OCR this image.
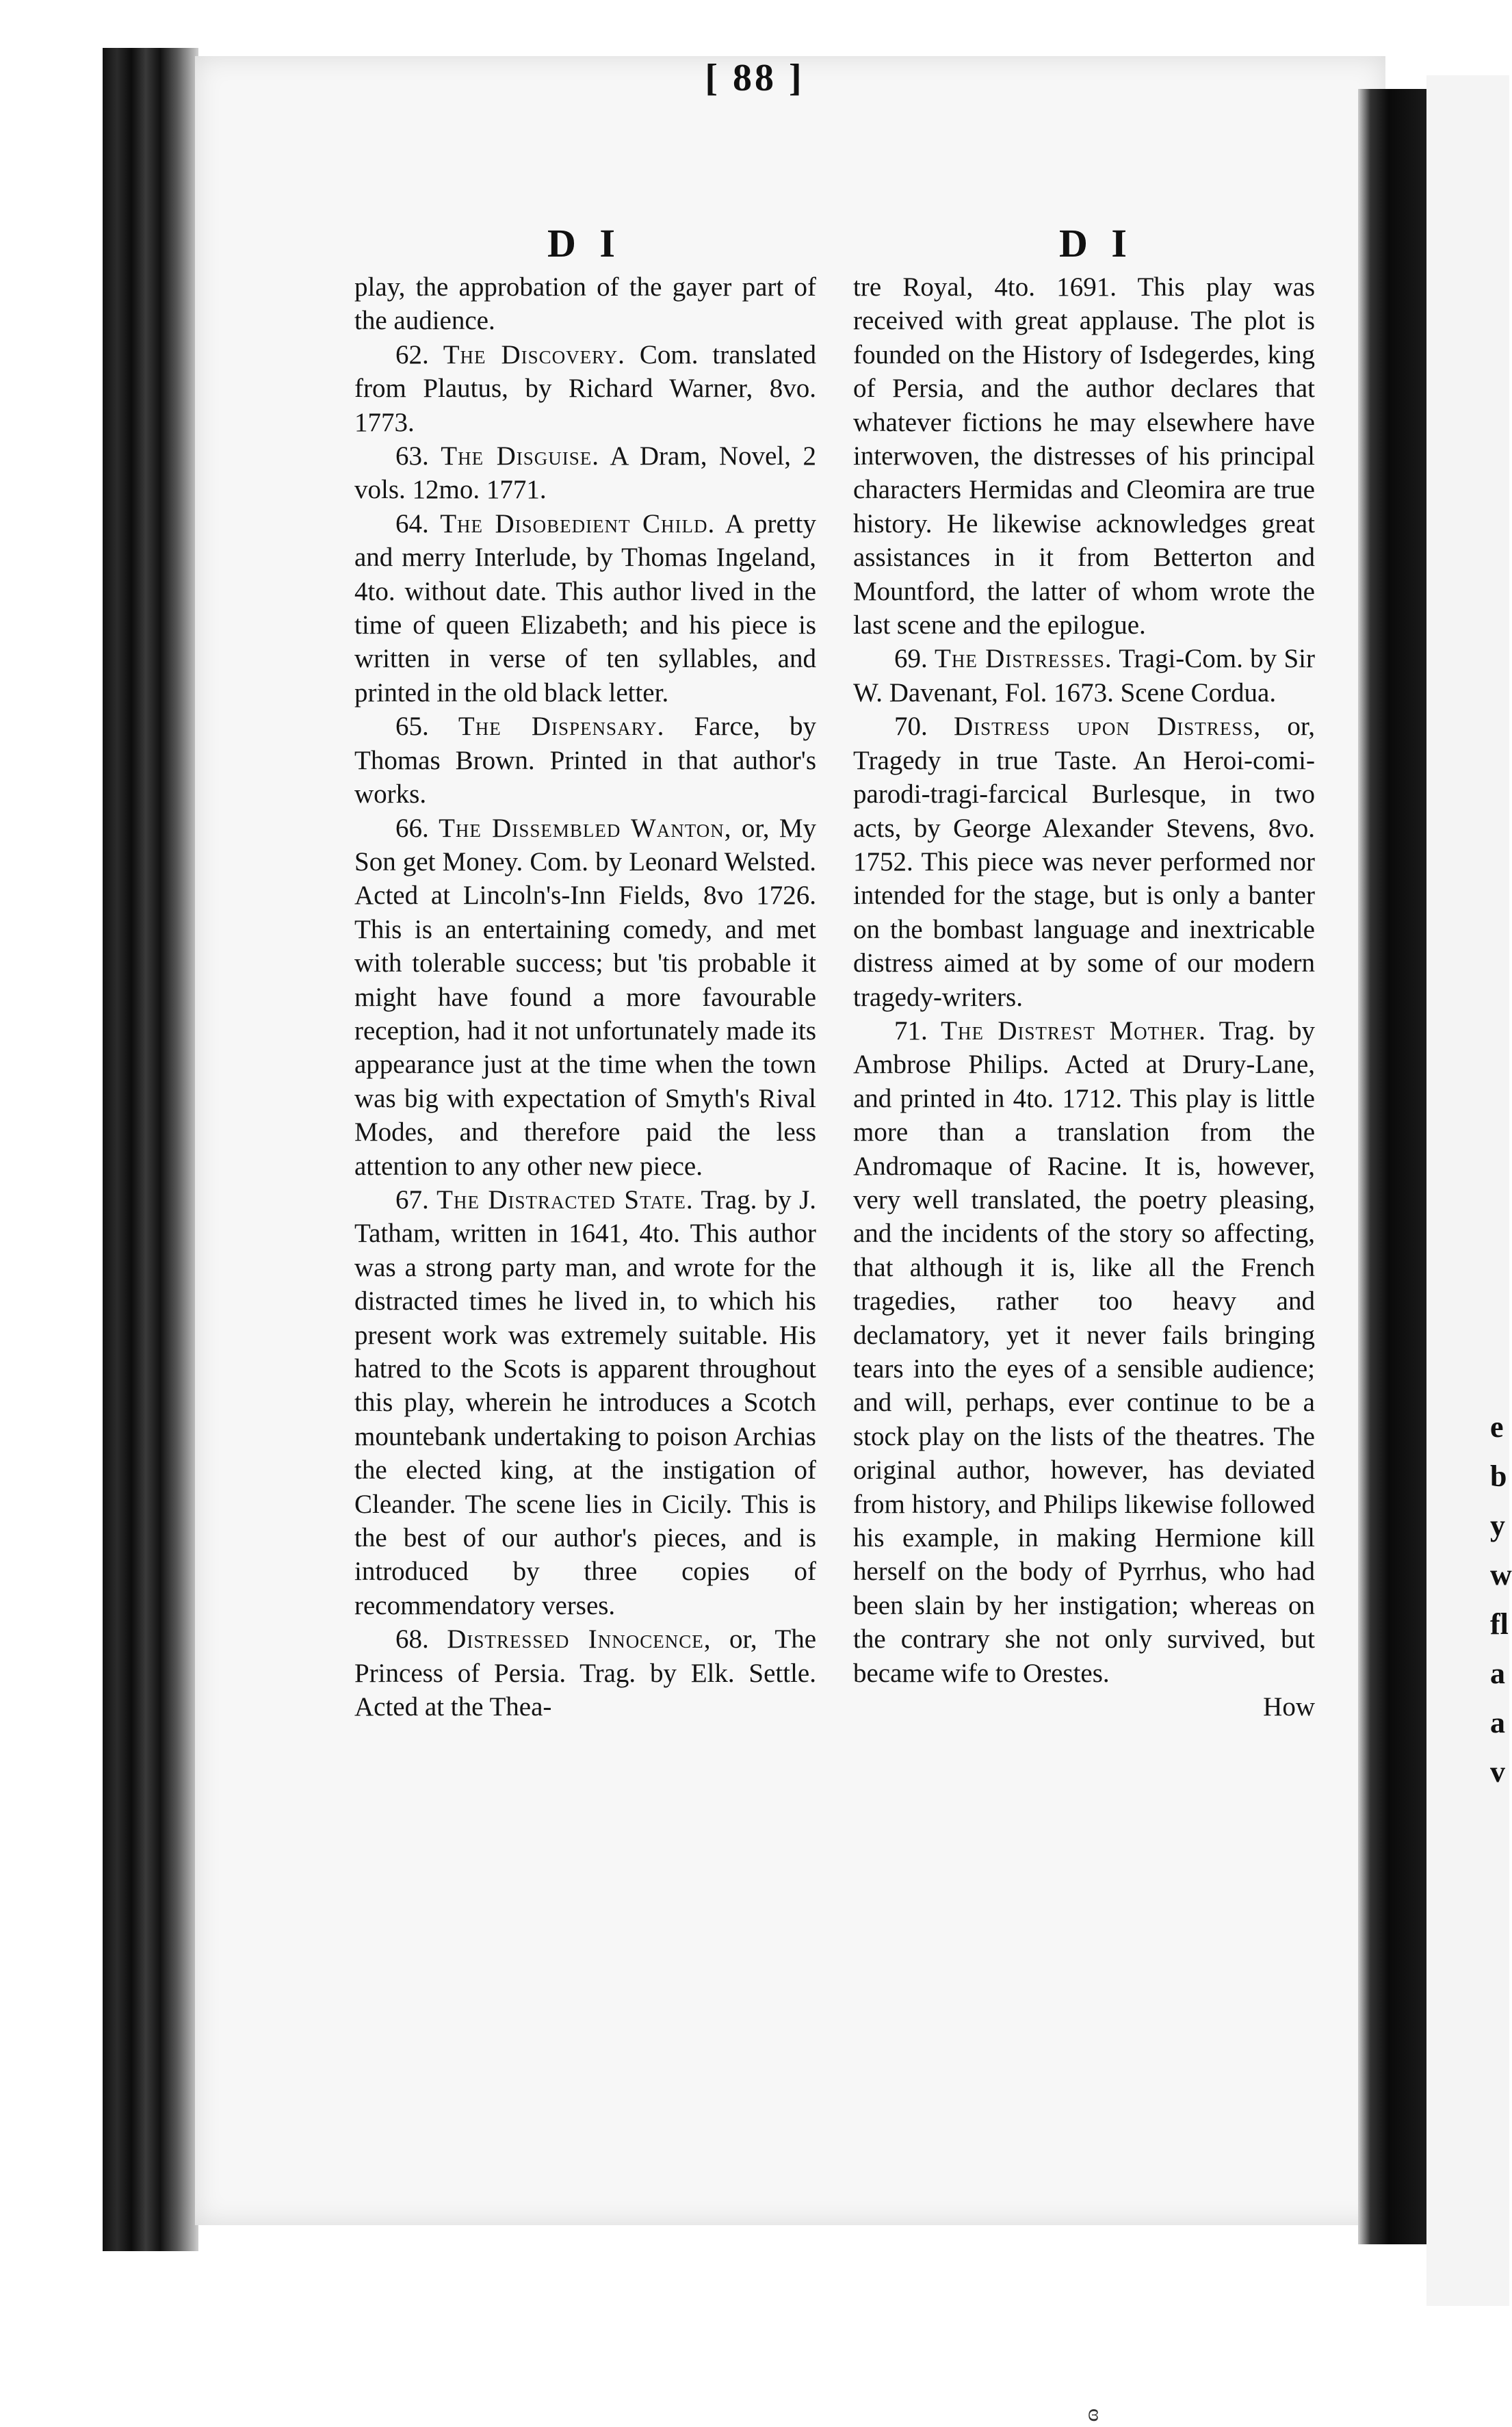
e
b
y
w
fl
a
a
v
[ 88 ]
D I	D I

play, the approbation of the gayer part of the audience.

62. The Discovery. Com. translated from Plautus, by Richard Warner, 8vo. 1773.

63. The Disguise. A Dram, Novel, 2 vols. 12mo. 1771.

64. The Disobedient Child. A pretty and merry Interlude, by Thomas Ingeland, 4to. without date. This author lived in the time of queen Elizabeth; and his piece is written in verse of ten syllables, and printed in the old black letter.

65. The Dispensary. Farce, by Thomas Brown. Printed in that author's works.

66. The Dissembled Wanton, or, My Son get Money. Com. by Leonard Welsted. Acted at Lincoln's-Inn Fields, 8vo 1726. This is an entertaining comedy, and met with tolerable success; but 'tis probable it might have found a more favourable reception, had it not unfortunately made its appearance just at the time when the town was big with expectation of Smyth's Rival Modes, and therefore paid the less attention to any other new piece.

67. The Distracted State. Trag. by J. Tatham, written in 1641, 4to. This author was a strong party man, and wrote for the distracted times he lived in, to which his present work was extremely suitable. His hatred to the Scots is apparent throughout this play, wherein he introduces a Scotch mountebank undertaking to poison Archias the elected king, at the instigation of Cleander. The scene lies in Cicily. This is the best of our author's pieces, and is introduced by three copies of recommendatory verses.

68. Distressed Innocence, or, The Princess of Persia. Trag. by Elk. Settle. Acted at the Thea-

tre Royal, 4to. 1691. This play was received with great applause. The plot is founded on the History of Isdegerdes, king of Persia, and the author declares that whatever fictions he may elsewhere have interwoven, the distresses of his principal characters Hermidas and Cleomira are true history. He likewise acknowledges great assistances in it from Betterton and Mountford, the latter of whom wrote the last scene and the epilogue.

69. The Distresses. Tragi-Com. by Sir W. Davenant, Fol. 1673. Scene Cordua.

70. Distress upon Distress, or, Tragedy in true Taste. An Heroi-comi-parodi-tragi-farcical Burlesque, in two acts, by George Alexander Stevens, 8vo. 1752. This piece was never performed nor intended for the stage, but is only a banter on the bombast language and inextricable distress aimed at by some of our modern tragedy-writers.

71. The Distrest Mother. Trag. by Ambrose Philips. Acted at Drury-Lane, and printed in 4to. 1712. This play is little more than a translation from the Andromaque of Racine. It is, however, very well translated, the poetry pleasing, and the incidents of the story so affecting, that although it is, like all the French tragedies, rather too heavy and declamatory, yet it never fails bringing tears into the eyes of a sensible audience; and will, perhaps, ever continue to be a stock play on the lists of the theatres. The original author, however, has deviated from history, and Philips likewise followed his example, in making Hermione kill herself on the body of Pyrrhus, who had been slain by her instigation; whereas on the contrary she not only survived, but became wife to Orestes.

How

ɞ
